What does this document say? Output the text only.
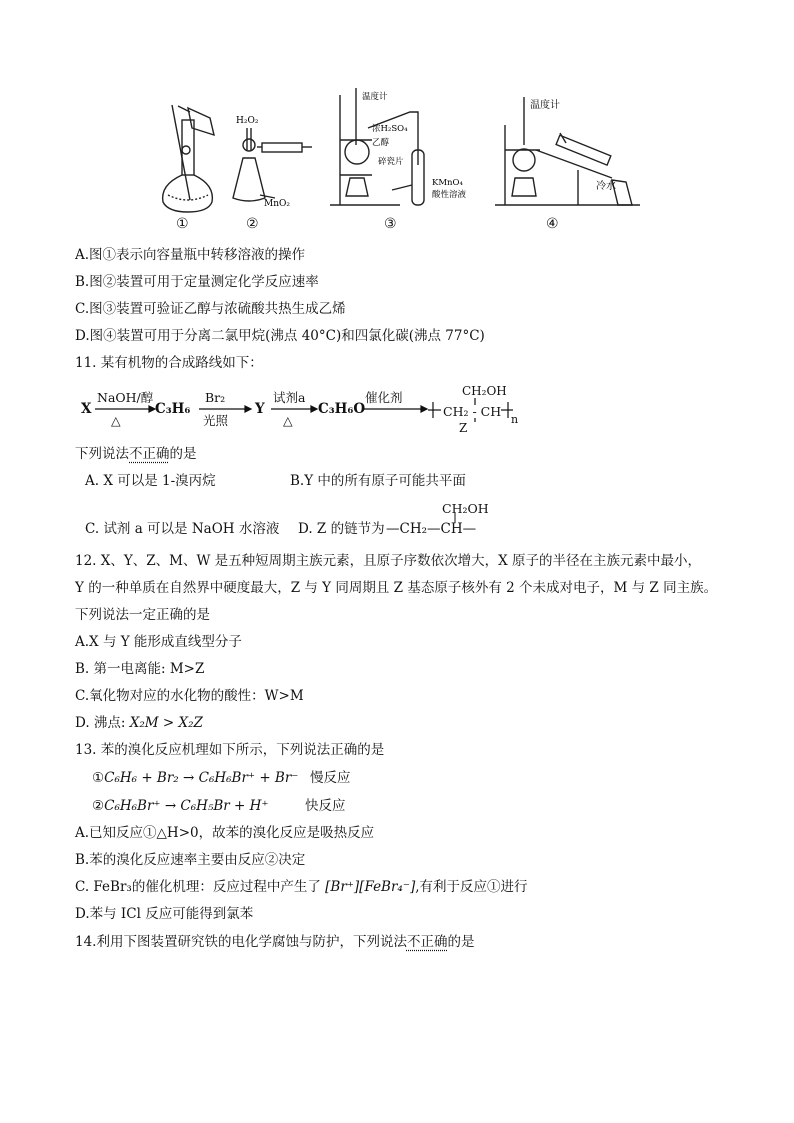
H₂O₂
MnO₂
温度计
浓H₂SO₄
乙醇
碎瓷片
KMnO₄
酸性溶液
温度计
冷水
①	②	③	④
A.图①表示向容量瓶中转移溶液的操作
B.图②装置可用于定量测定化学反应速率
C.图③装置可验证乙醇与浓硫酸共热生成乙烯
D.图④装置可用于分离二氯甲烷(沸点 40°C)和四氯化碳(沸点 77°C)
11. 某有机物的合成路线如下：
X
NaOH/醇
△
C₃H₆
Br₂
光照
Y
试剂a
△
C₃H₆O
催化剂	CH₂OH
CH₂ - CH
n
Z
下列说法不正确的是
A. X 可以是 1-溴丙烷	B.Y 中的所有原子可能共平面
C. 试剂 a 可以是 NaOH 水溶液 D. Z 的链节为
CH₂OH
—CH₂—CH—
12. X、Y、Z、M、W 是五种短周期主族元素，且原子序数依次增大，X 原子的半径在主族元素中最小，
Y 的一种单质在自然界中硬度最大，Z 与 Y 同周期且 Z 基态原子核外有 2 个未成对电子，M 与 Z 同主族。
下列说法一定正确的是
A.X 与 Y 能形成直线型分子
B. 第一电离能: M>Z
C.氧化物对应的水化物的酸性：W>M
D. 沸点: X₂M > X₂Z
13. 苯的溴化反应机理如下所示，下列说法正确的是
①C₆H₆ + Br₂ → C₆H₆Br⁺ + Br⁻ 慢反应
②C₆H₆Br⁺ → C₆H₅Br + H⁺	快反应
A.已知反应①△H>0，故苯的溴化反应是吸热反应
B.苯的溴化反应速率主要由反应②决定
C. FeBr₃的催化机理：反应过程中产生了 [Br⁺][FeBr₄⁻],有利于反应①进行
D.苯与 ICl 反应可能得到氯苯
14.利用下图装置研究铁的电化学腐蚀与防护，下列说法不正确的是
